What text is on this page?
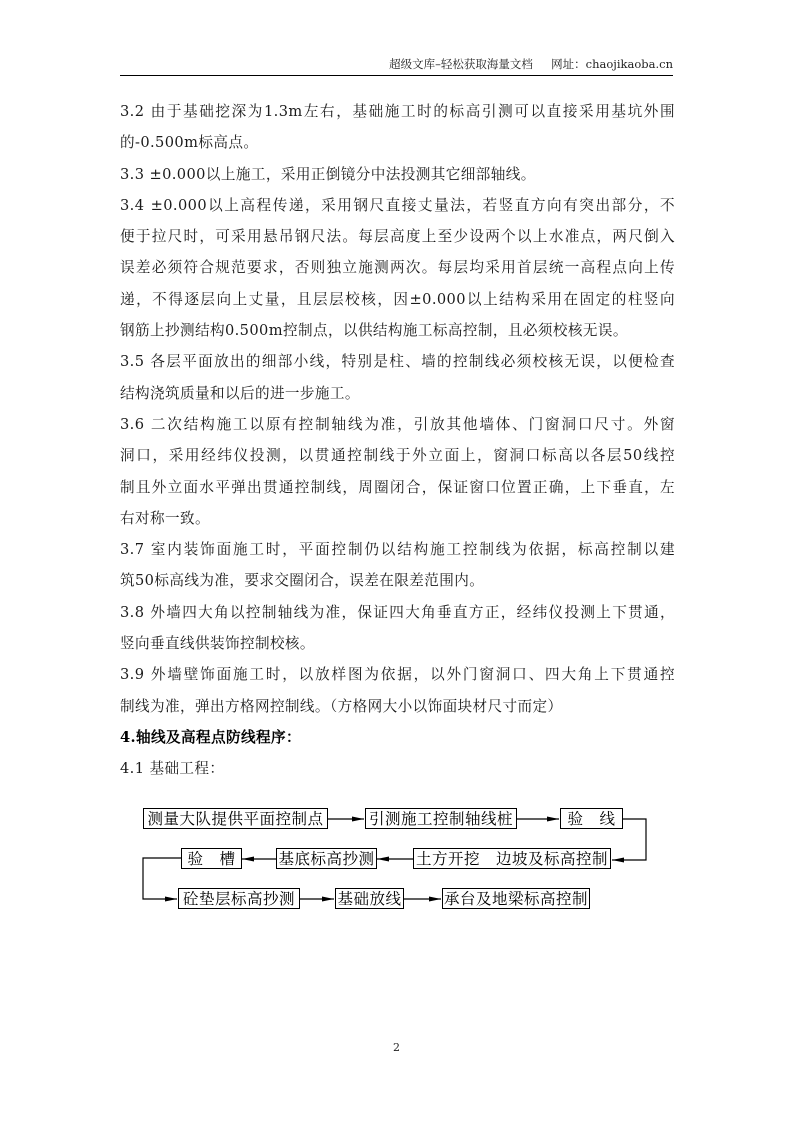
超级文库–轻松获取海量文档     网址：chaojikaoba.cn
3.2 由于基础挖深为1.3m左右，基础施工时的标高引测可以直接采用基坑外围
的-0.500m标高点。
3.3 ±0.000以上施工，采用正倒镜分中法投测其它细部轴线。
3.4 ±0.000以上高程传递，采用钢尺直接丈量法，若竖直方向有突出部分，不
便于拉尺时，可采用悬吊钢尺法。每层高度上至少设两个以上水准点，两尺倒入
误差必须符合规范要求，否则独立施测两次。每层均采用首层统一高程点向上传
递，不得逐层向上丈量，且层层校核，因±0.000以上结构采用在固定的柱竖向
钢筋上抄测结构0.500m控制点，以供结构施工标高控制，且必须校核无误。
3.5 各层平面放出的细部小线，特别是柱、墙的控制线必须校核无误，以便检查
结构浇筑质量和以后的进一步施工。
3.6 二次结构施工以原有控制轴线为准，引放其他墙体、门窗洞口尺寸。外窗
洞口，采用经纬仪投测，以贯通控制线于外立面上，窗洞口标高以各层50线控
制且外立面水平弹出贯通控制线，周圈闭合，保证窗口位置正确，上下垂直，左
右对称一致。
3.7 室内装饰面施工时，平面控制仍以结构施工控制线为依据，标高控制以建
筑50标高线为准，要求交圈闭合，误差在限差范围内。
3.8 外墙四大角以控制轴线为准，保证四大角垂直方正，经纬仪投测上下贯通，
竖向垂直线供装饰控制校核。
3.9 外墙壁饰面施工时，以放样图为依据，以外门窗洞口、四大角上下贯通控
制线为准，弹出方格网控制线。（方格网大小以饰面块材尺寸而定）
4.轴线及高程点防线程序：
4.1 基础工程：
测量大队提供平面控制点	引测施工控制轴线桩	验　线
土方开挖　边坡及标高控制
基底标高抄测
验　槽
砼垫层标高抄测	基础放线	承台及地梁标高控制
2
